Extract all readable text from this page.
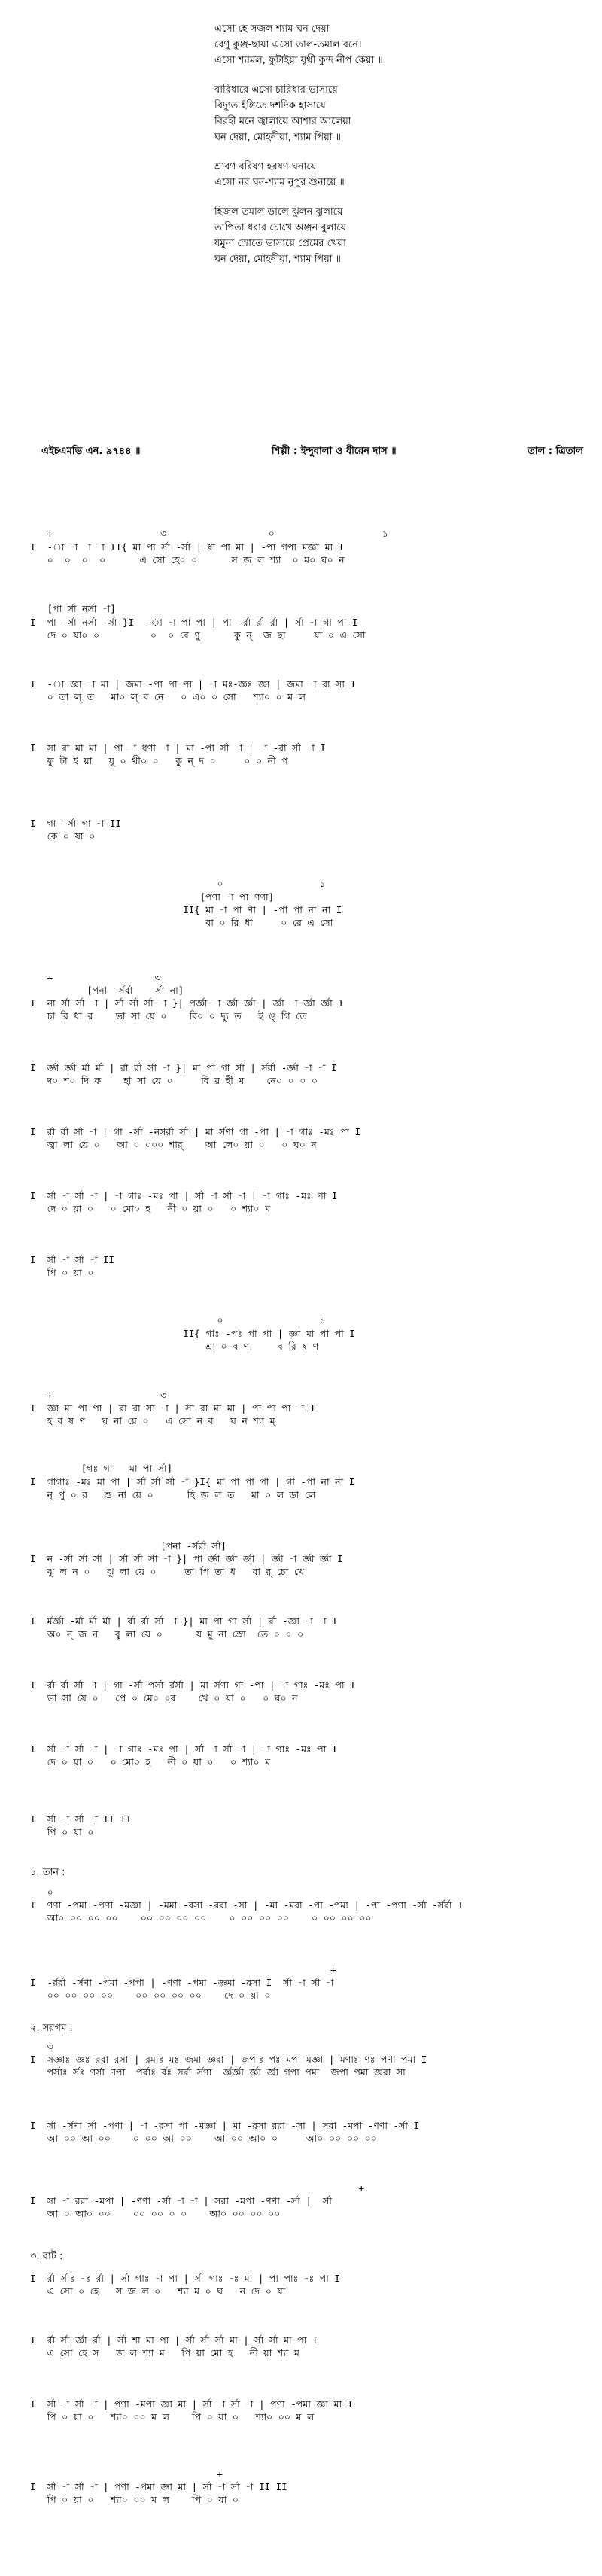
এসো হে সজল শ্যাম-ঘন দেয়া
বেণু কুঞ্জ-ছায়া এসো তাল-তমাল বনে।
এসো শ্যামল, ফুটাইয়া যূথী কুন্দ নীপ কেয়া ॥
বারিধারে এসো চারিধার ভাসায়ে
বিদ্যুত ইঙ্গিতে দশদিক হাসায়ে
বিরহী মনে জ্বালায়ে আশার আলেয়া
ঘন দেয়া, মোহনীয়া, শ্যাম পিয়া ॥
শ্রাবণ বরিষণ হরষণ ঘনায়ে
এসো নব ঘন-শ্যাম নূপুর শুনায়ে ॥
হিজল তমাল ডালে ঝুলন ঝুলায়ে
তাপিতা ধরার চোখে অঞ্জন বুলায়ে
যমুনা স্রোতে ভাসায়ে প্রেমের খেয়া
ঘন দেয়া, মোহনীয়া, শ্যাম পিয়া ॥
এইচএমভি এন. ৯৭৪৪ ॥	শিল্পী : ইন্দুবালা ও ধীরেন দাস ॥	তাল : ত্রিতাল
+                   ৩                  ০                   ১
I  -া -া -া -া II{ মা পা র্সা -র্সা | ধা পা মা | -পা গপা মজ্ঞা মা I
০  ০  ০  ০      এ সো হে০ ০      স জ ল শ্যা  ০ ম০ ঘ০ ন
[পা র্সা নর্সা -া]
I  পা -র্সা নর্সা -র্সা }I  -া -া পা পা | পা -র্রা র্রা র্রা | র্সা -া গা পা I
দে ০ য়া০ ০         ০  ০ বে ণু      কু ন্  জ ছা     য়া ০ এ সো
I  -া জ্ঞা -া মা | জমা -পা পা পা | -া মঃ-জ্ঞঃ জ্ঞা | জমা -া রা সা I
০ তা ল্ ত   মা০ ল্ ব নে   ০ এ০ ০ সো   শ্যা০ ০ ম ল
I  সা রা মা মা | পা -া ধণা -া | মা -পা র্সা -া | -া -র্রা র্সা -া I
ফু টা ই য়া   যূ ০ থী০ ০   কু ন্ দ ০     ০ ০ নী প
I  গা -র্সা গা -া II
কে ০ য়া ০
০                 ১
[পণা -া পা ণণা]
II{ মা -া পা ণা | -পা পা না না I
বা ০ রি ধা     ০ রে এ সো
+                  ৩
[পনা -র্সর্রা    র্সা না]
I  না র্সা র্সা -া | র্সা র্সা র্সা -া }| পর্জ্ঞা -া র্জ্ঞা র্জ্ঞা | র্জ্ঞা -া র্জ্ঞা র্জ্ঞা I
চা রি ধা র    ভা সা য়ে ০    বি০ ০ দ্যু ত   ই ঙ্ গি তে
I  র্জ্ঞা র্জ্ঞা র্মা র্মা | র্রা র্রা র্সা -া }| মা পা গা র্সা | র্সর্রা -র্জ্ঞা -া -া I
দ০ শ০ দি ক    হা সা য়ে ০     বি র হী ম    নে০ ০ ০ ০
I  র্রা র্রা র্সা -া | গা -র্সা -নর্সর্রা র্সা | মা র্সণা গা -পা | -া গাঃ -মঃ পা I
জ্বা লা য়ে ০   আ ০ ০০০ শার্    আ লে০ য়া ০   ০ ঘ০ ন
I  র্সা -া র্সা -া | -া গাঃ -মঃ পা | র্সা -া র্সা -া | -া গাঃ -মঃ পা I
দে ০ য়া ০   ০ মো০ হ   নী ০ য়া ০   ০ শ্যা০ ম
I  র্সা -া র্সা -া II
পি ০ য়া ০
০                 ১
II{ গাঃ -পঃ পা পা | জ্ঞা মা পা পা I
শ্রা ০ ব ণ     ব রি ষ ণ
+                   ৩
I  জ্ঞা মা পা পা | রা রা সা -া | সা রা মা মা | পা পা পা -া I
হ র ষ ণ   ঘ না য়ে ০   এ সো ন ব   ঘ ন শ্যা ম্
[গঃ গা   মা পা র্সা]
I  গাগাঃ -মঃ মা পা | র্সা র্সা র্সা -া }I{ মা পা পা পা | গা -পা না না I
নূ পু ০ র   শু না য়ে ০      হি জ ল ত   মা ০ ল ডা লে
[পনা -র্সর্রা র্সা]
I  ন -র্সা র্সা র্সা | র্সা র্সা র্সা -া }| পা র্জ্ঞা র্জ্ঞা র্জ্ঞা | র্জ্ঞা -া র্জ্ঞা র্জ্ঞা I
ঝু ল ন ০   ঝু লা য়ে ০     তা পি তা ধ   রা র্ চো খে
I  র্মর্জ্ঞা -র্মা র্মা র্মা | র্রা র্রা র্সা -া }| মা পা গা র্সা | র্রা -জ্ঞা -া -া I
অ০ ন্ জ ন   বু লা য়ে ০      য মু না স্রো  তে ০ ০ ০
I  র্রা র্রা র্সা -া | গা -র্সা পর্সা র্রর্সা | মা র্সণা গা -পা | -া গাঃ -মঃ পা I
ভা সা য়ে ০   প্রে ০ মে০ ০র    খে ০ য়া ০   ০ ঘ০ ন
I  র্সা -া র্সা -া | -া গাঃ -মঃ পা | র্সা -া র্সা -া | -া গাঃ -মঃ পা I
দে ০ য়া ০   ০ মো০ হ   নী ০ য়া ০   ০ শ্যা০ ম
I  র্সা -া র্সা -া II II
পি ০ য়া ০
১. তান :
০
I  ণণা -পমা -পণা -মজ্ঞা | -মমা -রসা -ররা -সা | -মা -মরা -পা -পমা | -পা -পণা -র্সা -র্সর্রা I
আ০ ০০ ০০ ০০    ০০ ০০ ০০ ০০    ০ ০০ ০০ ০০    ০ ০০ ০০ ০০
+
I  -র্রর্রা -র্সণা -পমা -পপা | -ণণা -পমা -জ্ঞমা -রসা I  র্সা -া র্সা -া
০০ ০০ ০০ ০০    ০০ ০০ ০০ ০০    দে ০ য়া ০
২. সরগম :
৩
I  সজ্ঞাঃ জ্ঞঃ ররা রসা | রমাঃ মঃ জমা জ্ঞরা | জপাঃ পঃ মপা মজ্ঞা | মণাঃ ণঃ পণা পমা I
পর্সাঃ র্সঃ ণর্সা ণপা  পর্রাঃ র্রঃ সর্রা র্সণা  র্জ্ঞর্জ্ঞা র্জ্ঞা র্জ্ঞা গপা পমা  জপা পমা জ্ঞরা সা
I  র্সা -র্সণা র্সা -পণা | -া -রসা পা -মজ্ঞা | মা -রসা ররা -সা | সরা -মপা -ণণা -র্সা I
আ ০০ আ ০০    ০ ০০ আ ০০    আ ০০ আ০ ০     আ০ ০০ ০০ ০০
+
I  সা -া ররা -মপা | -ণণা -র্সা -া -া | সরা -মপা -ণণা -র্সা |  র্সা
আ ০ আ০ ০০    ০০ ০০ ০ ০    আ০ ০০ ০০ ০০
৩. বাট :
I  র্রা র্সাঃ -ঃ র্রা | র্সা গাঃ -া পা | র্সা গাঃ -ঃ মা | পা পাঃ -ঃ পা I
এ সো ০ হে   স জ ল ০   শ্যা ম ০ ঘ   ন দে ০ য়া
I  র্রা র্সা র্জ্ঞা র্রা | র্সা শা মা পা | র্সা র্সা র্সা মা | র্সা র্সা মা পা I
এ সো হে স   জ ল শ্যা ম   পি য়া মো হ   নী য়া শ্যা ম
I  র্সা -া র্সা -া | পণা -মপা জ্ঞা মা | র্সা -া র্সা -া | পণা -পমা জ্ঞা মা I
পি ০ য়া ০   শ্যা০ ০০ ম ল    পি ০ য়া ০   শ্যা০ ০০ ম ল
+
I  র্সা -া র্সা -া | পণা -পমা জ্ঞা মা | র্সা -া র্সা -া II II
পি ০ য়া ০   শ্যা০ ০০ ম ল    পি ০ য়া ০
